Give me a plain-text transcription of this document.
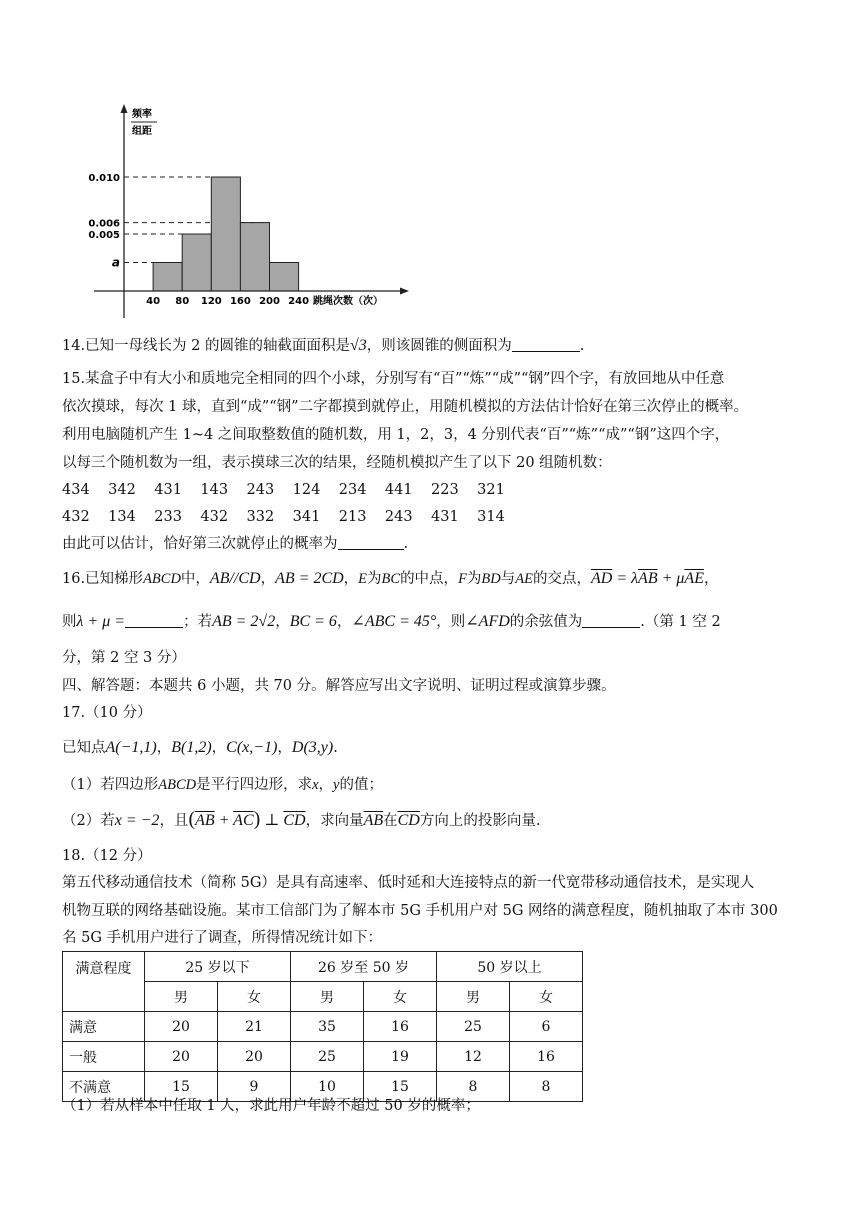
频率
组距
a
0.005
0.006
0.010
40 80 120 160 200 240 跳绳次数（次）
14.已知一母线长为 2 的圆锥的轴截面面积是√3，则该圆锥的侧面积为	.
15.某盒子中有大小和质地完全相同的四个小球，分别写有“百”“炼”“成”“钢”四个字，有放回地从中任意
依次摸球，每次 1 球，直到“成”“钢”二字都摸到就停止，用随机模拟的方法估计恰好在第三次停止的概率。
利用电脑随机产生 1~4 之间取整数值的随机数，用 1，2，3，4 分别代表“百”“炼”“成”“钢”这四个字，
以每三个随机数为一组，表示摸球三次的结果，经随机模拟产生了以下 20 组随机数：
434 342 431 143 243 124 234 441 223 321
432 134 233 432 332 341 213 243 431 314
由此可以估计，恰好第三次就停止的概率为	.
16.已知梯形ABCD中，AB//CD，AB = 2CD，E为BC的中点，F为BD与AE的交点，$\overline{AD} = \lambda\overline{AB} + \mu\overline{AE}$，
则λ + μ =	；若AB = 2√2，BC = 6，∠ABC = 45°，则∠AFD的余弦值为	.（第 1 空 2
分，第 2 空 3 分）
四、解答题：本题共 6 小题，共 70 分。解答应写出文字说明、证明过程或演算步骤。
17.（10 分）
已知点A(−1,1)，B(1,2)，C(x,−1)，D(3,y).
（1）若四边形ABCD是平行四边形，求x，y的值；
（2）若x = −2，且$(\overline{AB} + \overline{AC})$ ⊥ $\overline{CD}$，求向量$\overline{AB}$在$\overline{CD}$方向上的投影向量.
18.（12 分）
第五代移动通信技术（简称 5G）是具有高速率、低时延和大连接特点的新一代宽带移动通信技术，是实现人
机物互联的网络基础设施。某市工信部门为了解本市 5G 手机用户对 5G 网络的满意程度，随机抽取了本市 300
名 5G 手机用户进行了调查，所得情况统计如下：
满意程度	25 岁以下		26 岁至 50 岁		50 岁以上	
	男	女	男	女	男	女
满意	20	21	35	16	25	6
一般	20	20	25	19	12	16
不满意	15	9	10	15	8	8
（1）若从样本中任取 1 人，求此用户年龄不超过 50 岁的概率；
